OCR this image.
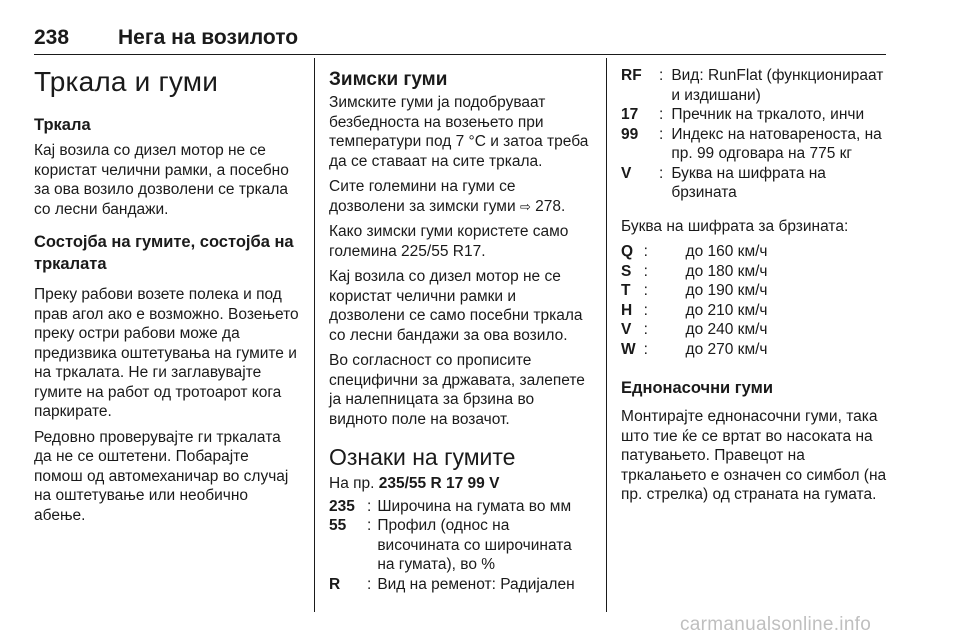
238 Нега на возилото
Тркала и гуми
Тркала

Кај возила со дизел мотор не се користат челични рамки, а посебно за ова возило дозволени се тркала со лесни бандажи.

Состојба на гумите, состојба на тркалата

Преку рабови возете полека и под прав агол ако е возможно. Возењето преку остри рабови може да предизвика оштетувања на гумите и на тркалата. Не ги заглавувајте гумите на работ од тротоарот кога паркирате.

Редовно проверувајте ги тркалата да не се оштетени. Побарајте помош од автомеханичар во случај на оштетување или необично абење.

Зимски гуми

Зимските гуми ја подобруваат безбедноста на возењето при температури под 7 °C и затоа треба да се ставаат на сите тркала.

Сите големини на гуми се дозволени за зимски гуми ⇨ 278.

Како зимски гуми користете само големина 225/55 R17.

Кај возила со дизел мотор не се користат челични рамки и дозволени се само посебни тркала со лесни бандажи за ова возило.

Во согласност со прописите специфични за државата, залепете ја налепницата за брзина во видното поле на возачот.

Ознаки на гумите

На пр. 235/55 R 17 99 V

235	:	Широчина на гумата во мм
55	:	Профил (однос на височината со широчината на гумата), во %
R	:	Вид на ременот: Радијален
RF	:	Вид: RunFlat (функционираат и издишани)
17	:	Пречник на тркалото, инчи
99	:	Индекс на натовареноста, на пр. 99 одговара на 775 кг
V	:	Буква на шифрата на брзината

Буква на шифрата за брзината:

Q	:	до 160 км/ч
S	:	до 180 км/ч
T	:	до 190 км/ч
H	:	до 210 км/ч
V	:	до 240 км/ч
W	:	до 270 км/ч
Еднонасочни гуми

Монтирајте еднонасочни гуми, така што тие ќе се вртат во насоката на патувањето. Правецот на тркалањето е означен со симбол (на пр. стрелка) од страната на гумата.

carmanualsonline.info
